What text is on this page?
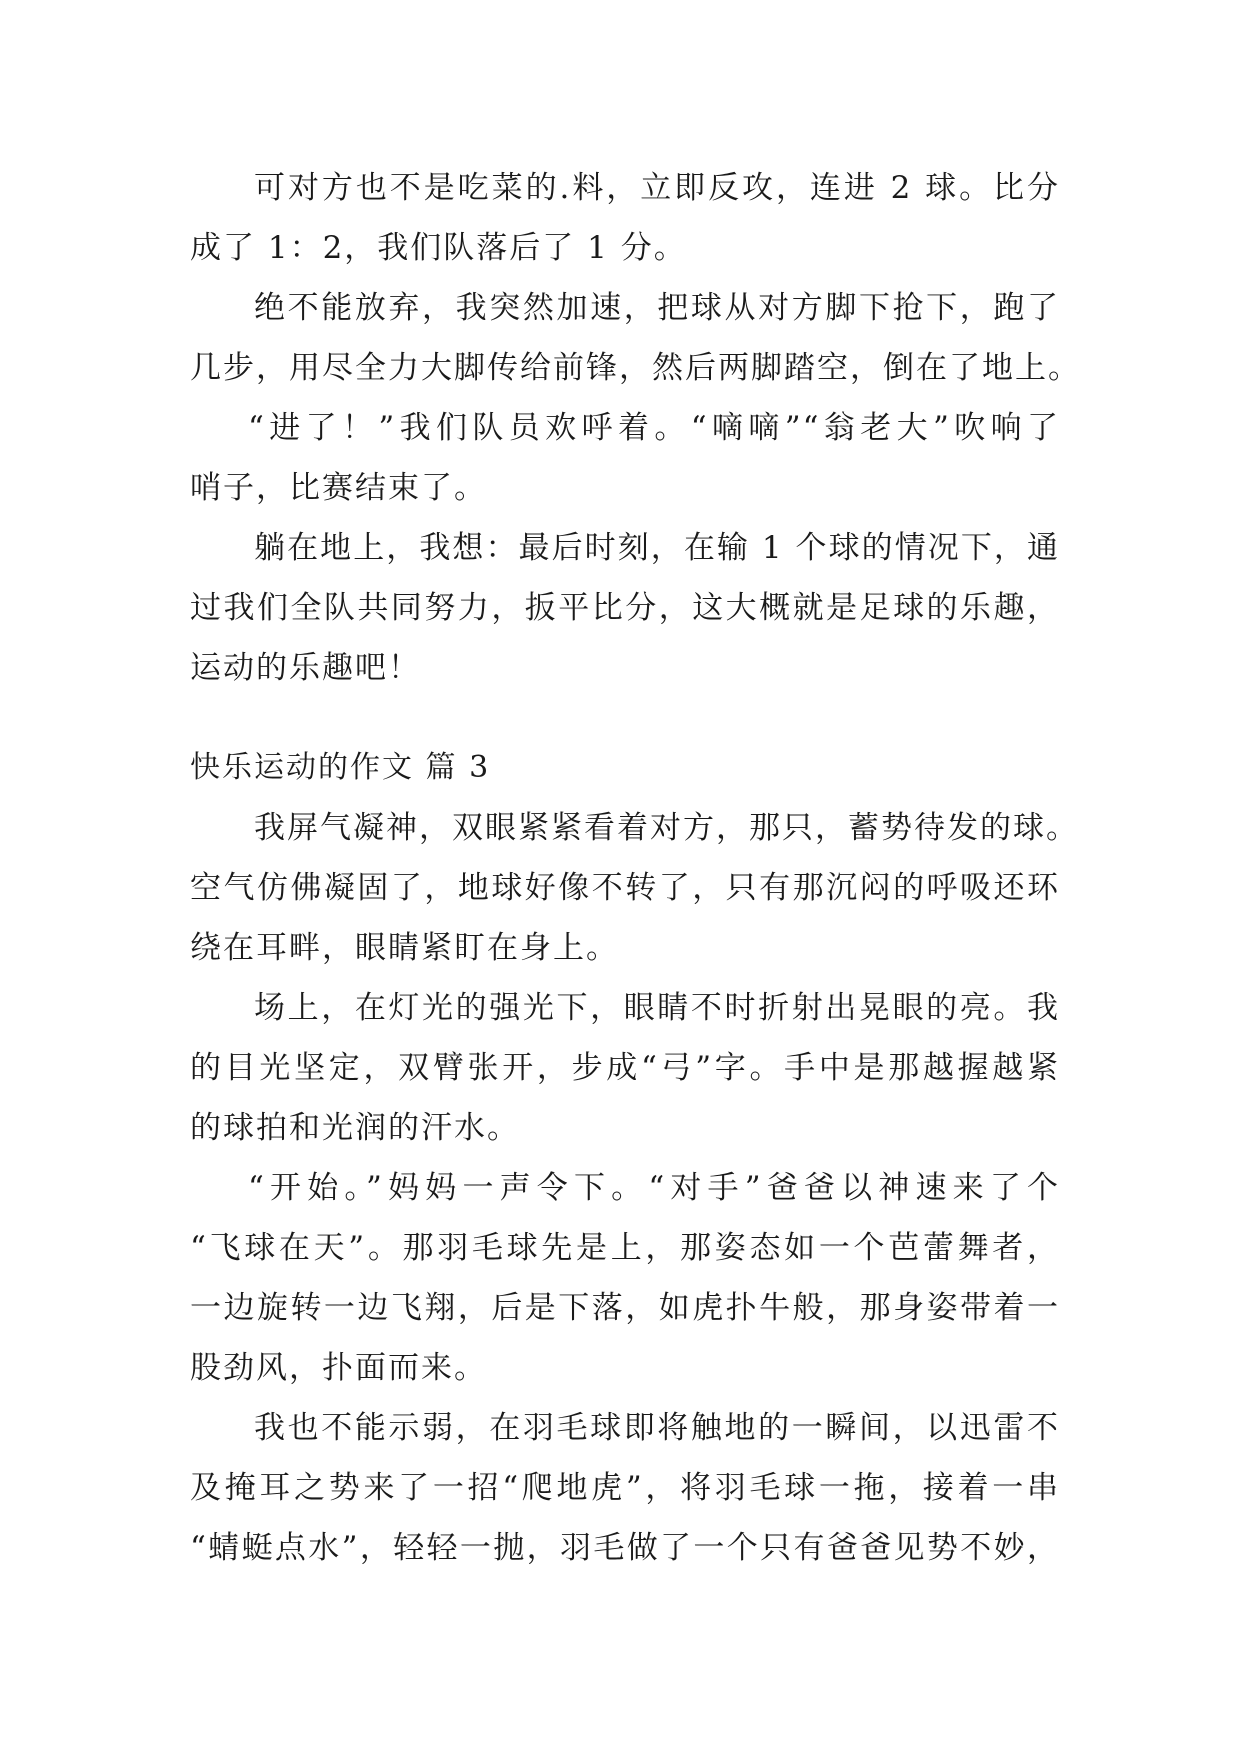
可对方也不是吃菜的.料，立即反攻，连进 2 球。比分
成了 1：2，我们队落后了 1 分。
绝不能放弃，我突然加速，把球从对方脚下抢下，跑了
几步，用尽全力大脚传给前锋，然后两脚踏空，倒在了地上。
“进了！”我们队员欢呼着。“嘀嘀”“翁老大”吹响了
哨子，比赛结束了。
躺在地上，我想：最后时刻，在输 1 个球的情况下，通
过我们全队共同努力，扳平比分，这大概就是足球的乐趣，
运动的乐趣吧！
快乐运动的作文 篇 3
我屏气凝神，双眼紧紧看着对方，那只，蓄势待发的球。
空气仿佛凝固了，地球好像不转了，只有那沉闷的呼吸还环
绕在耳畔，眼睛紧盯在身上。
场上，在灯光的强光下，眼睛不时折射出晃眼的亮。我
的目光坚定，双臂张开，步成“弓”字。手中是那越握越紧
的球拍和光润的汗水。
“开始。”妈妈一声令下。“对手”爸爸以神速来了个
“飞球在天”。那羽毛球先是上，那姿态如一个芭蕾舞者，
一边旋转一边飞翔，后是下落，如虎扑牛般，那身姿带着一
股劲风，扑面而来。
我也不能示弱，在羽毛球即将触地的一瞬间，以迅雷不
及掩耳之势来了一招“爬地虎”，将羽毛球一拖，接着一串
“蜻蜓点水”，轻轻一抛，羽毛做了一个只有爸爸见势不妙，
